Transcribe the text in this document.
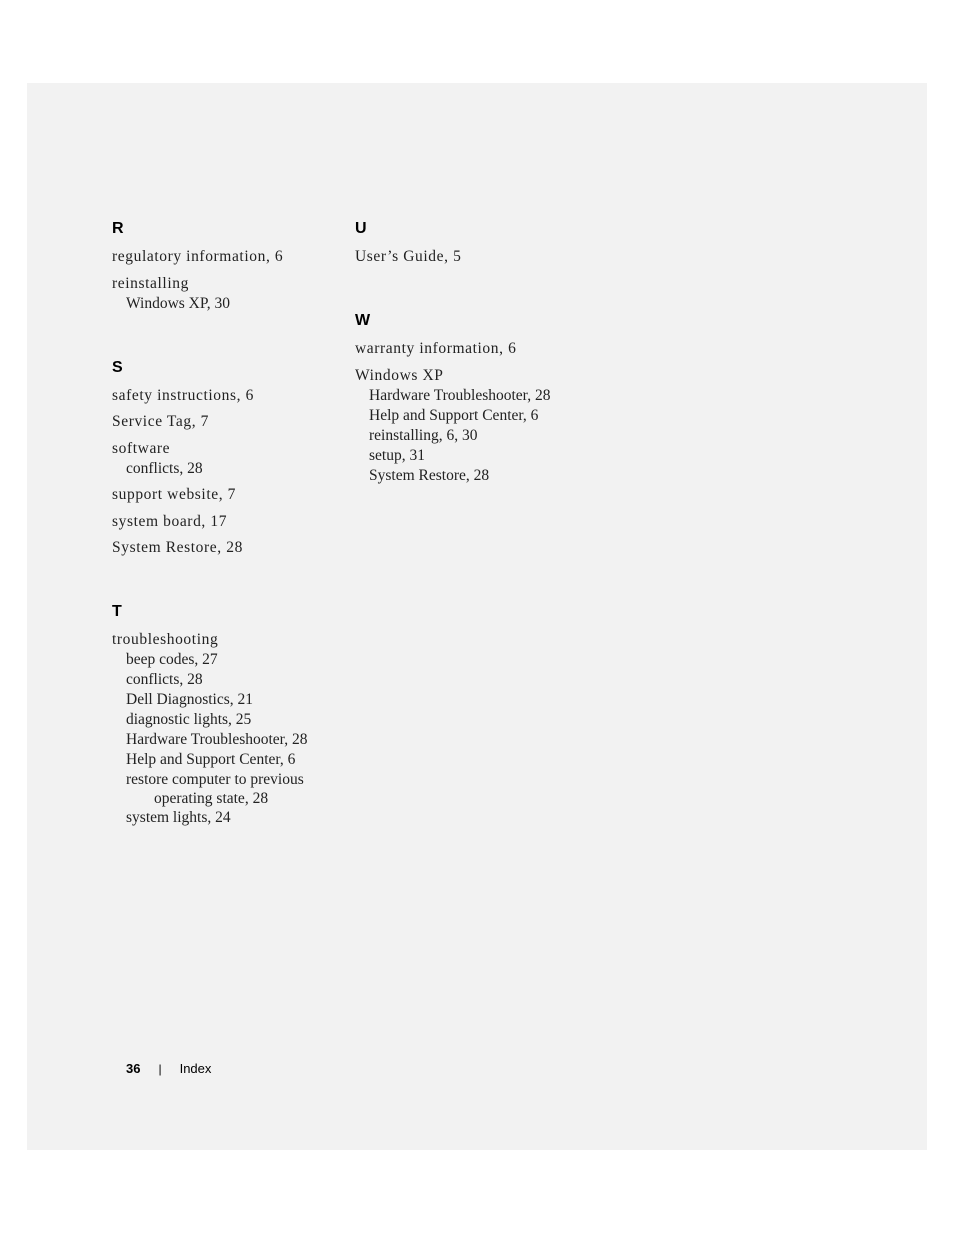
R
regulatory information, 6
reinstalling
Windows XP, 30
S
safety instructions, 6
Service Tag, 7
software
conflicts, 28
support website, 7
system board, 17
System Restore, 28
T
troubleshooting
beep codes, 27
conflicts, 28
Dell Diagnostics, 21
diagnostic lights, 25
Hardware Troubleshooter, 28
Help and Support Center, 6
restore computer to previous
operating state, 28
system lights, 24
U
User’s Guide, 5
W
warranty information, 6
Windows XP
Hardware Troubleshooter, 28
Help and Support Center, 6
reinstalling, 6, 30
setup, 31
System Restore, 28
36 | Index
